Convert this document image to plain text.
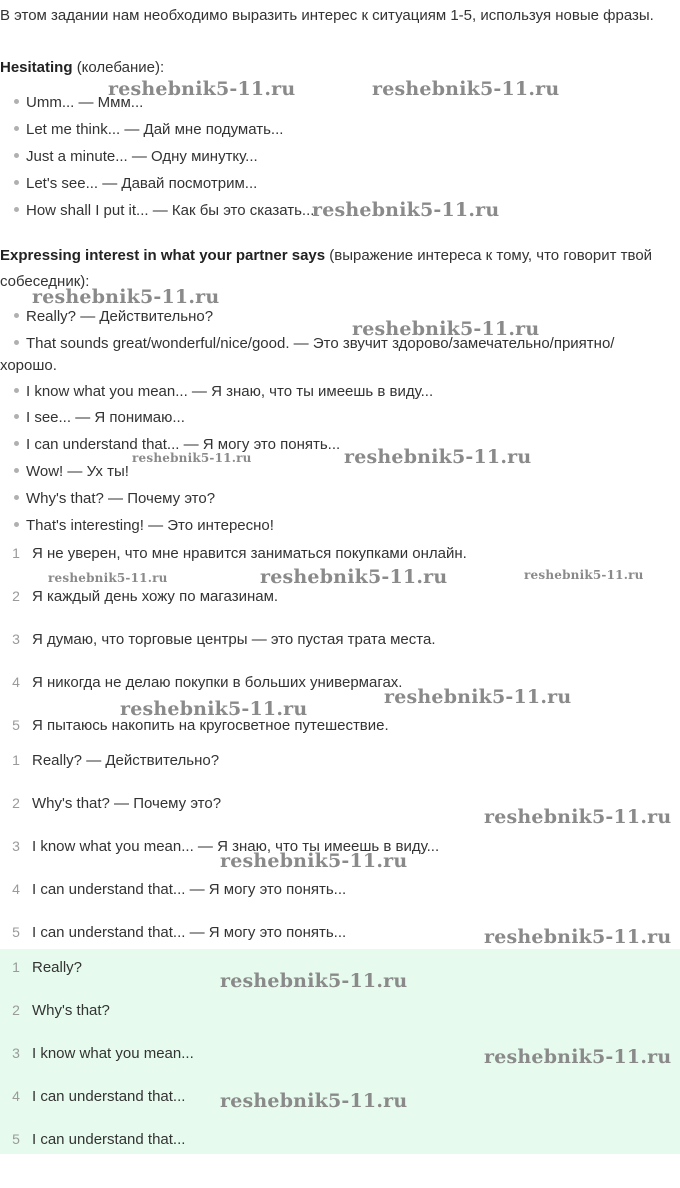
В этом задании нам необходимо выразить интерес к ситуациям 1-5, используя новые фразы.
Hesitating (колебание):
Umm... — Ммм...
Let me think... — Дай мне подумать...
Just a minute... — Одну минутку...
Let's see... — Давай посмотрим...
How shall I put it... — Как бы это сказать...
Expressing interest in what your partner says (выражение интереса к тому, что говорит твой собеседник):
Really? — Действительно?
That sounds great/wonderful/nice/good. — Это звучит здорово/замечательно/приятно/хорошо.
I know what you mean... — Я знаю, что ты имеешь в виду...
I see... — Я понимаю...
I can understand that... — Я могу это понять...
Wow! — Ух ты!
Why's that? — Почему это?
That's interesting! — Это интересно!
1 Я не уверен, что мне нравится заниматься покупками онлайн.
2 Я каждый день хожу по магазинам.
3 Я думаю, что торговые центры — это пустая трата места.
4 Я никогда не делаю покупки в больших универмагах.
5 Я пытаюсь накопить на кругосветное путешествие.
1 Really? — Действительно?
2 Why's that? — Почему это?
3 I know what you mean... — Я знаю, что ты имеешь в виду...
4 I can understand that... — Я могу это понять...
5 I can understand that... — Я могу это понять...
1 Really?
2 Why's that?
3 I know what you mean...
4 I can understand that...
5 I can understand that...
reshebnik5-11.ru	reshebnik5-11.ru
reshebnik5-11.ru
reshebnik5-11.ru
reshebnik5-11.ru
reshebnik5-11.ru	reshebnik5-11.ru
reshebnik5-11.ru	reshebnik5-11.ru	reshebnik5-11.ru
reshebnik5-11.ru
reshebnik5-11.ru
reshebnik5-11.ru
reshebnik5-11.ru
reshebnik5-11.ru
reshebnik5-11.ru
reshebnik5-11.ru
reshebnik5-11.ru
